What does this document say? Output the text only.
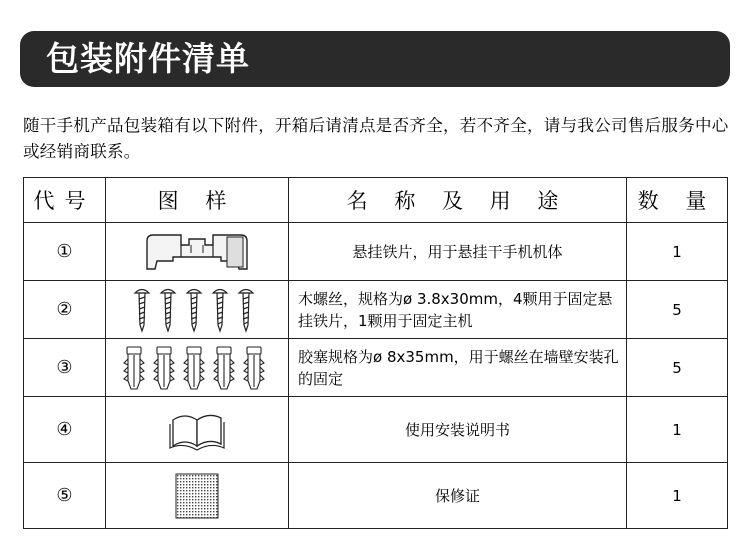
包装附件清单
随干手机产品包装箱有以下附件，开箱后请清点是否齐全，若不齐全，请与我公司售后服务中心或经销商联系。
代号	图 样	名 称 及 用 途	数 量
①		悬挂铁片，用于悬挂干手机机体	1
②		木螺丝，规格为ø 3.8x30mm，4颗用于固定悬挂铁片，1颗用于固定主机	5
③		胶塞规格为ø 8x35mm，用于螺丝在墙壁安装孔的固定	5
④		使用安装说明书	1
⑤		保修证	1
